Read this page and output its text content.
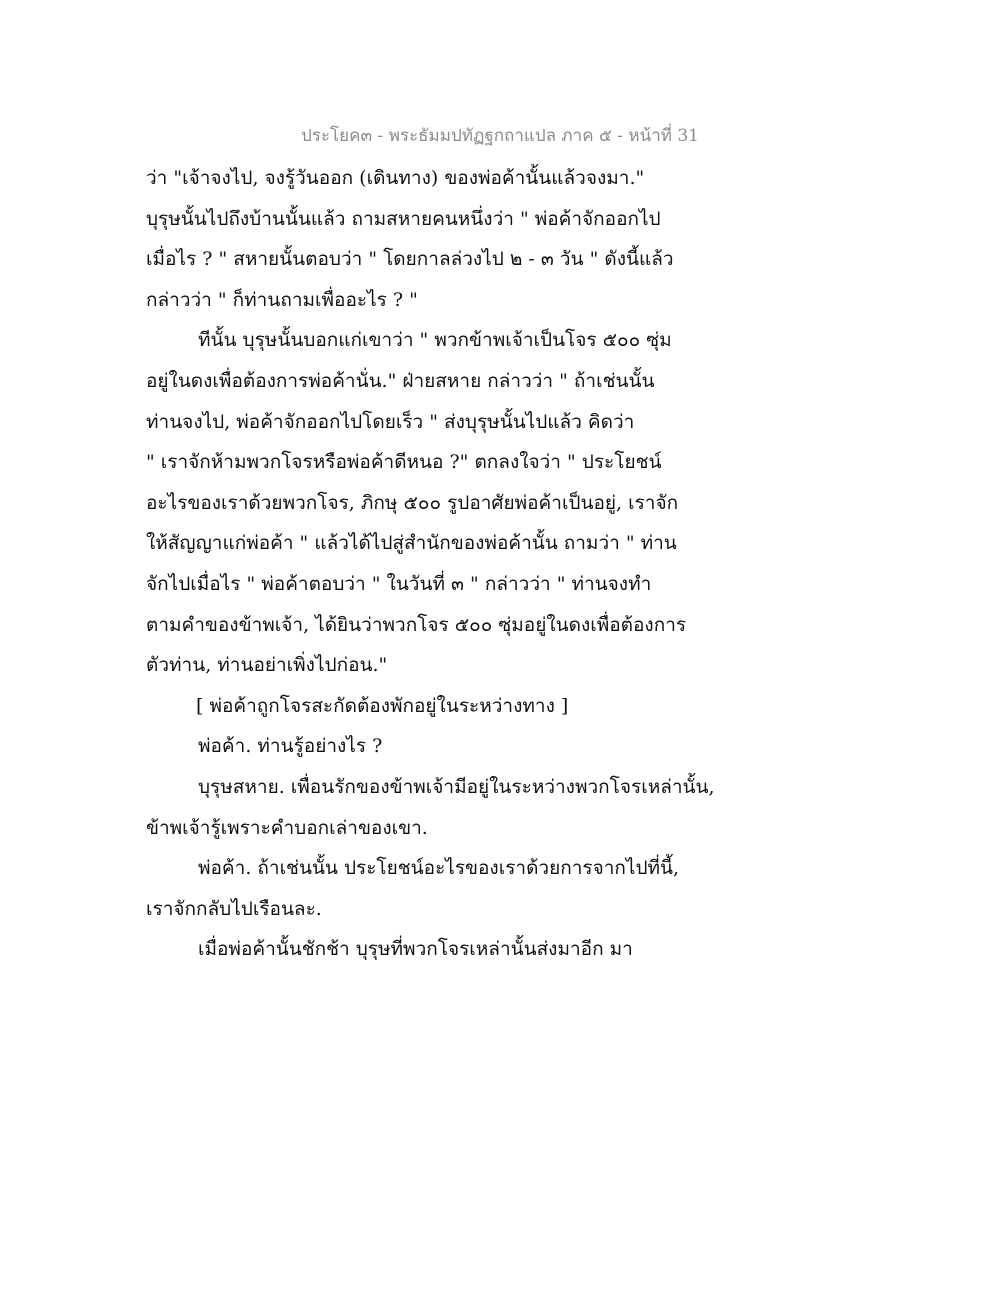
ประโยค๓ - พระธัมมปทัฏฐกถาแปล ภาค ๕ - หน้าที่ 31
ว่า "เจ้าจงไป, จงรู้วันออก (เดินทาง) ของพ่อค้านั้นแล้วจงมา."
บุรุษนั้นไปถึงบ้านนั้นแล้ว ถามสหายคนหนึ่งว่า " พ่อค้าจักออกไป
เมื่อไร ? " สหายนั้นตอบว่า " โดยกาลล่วงไป ๒ - ๓ วัน " ดังนี้แล้ว
กล่าวว่า " ก็ท่านถามเพื่ออะไร ? "
ทีนั้น บุรุษนั้นบอกแก่เขาว่า " พวกข้าพเจ้าเป็นโจร ๕๐๐ ซุ่ม
อยู่ในดงเพื่อต้องการพ่อค้านั่น." ฝ่ายสหาย กล่าวว่า " ถ้าเช่นนั้น
ท่านจงไป, พ่อค้าจักออกไปโดยเร็ว " ส่งบุรุษนั้นไปแล้ว คิดว่า
" เราจักห้ามพวกโจรหรือพ่อค้าดีหนอ ?" ตกลงใจว่า " ประโยชน์
อะไรของเราด้วยพวกโจร, ภิกษุ ๕๐๐ รูปอาศัยพ่อค้าเป็นอยู่, เราจัก
ให้สัญญาแก่พ่อค้า " แล้วได้ไปสู่สำนักของพ่อค้านั้น ถามว่า " ท่าน
จักไปเมื่อไร " พ่อค้าตอบว่า " ในวันที่ ๓ " กล่าวว่า " ท่านจงทำ
ตามคำของข้าพเจ้า, ได้ยินว่าพวกโจร ๕๐๐ ซุ่มอยู่ในดงเพื่อต้องการ
ตัวท่าน, ท่านอย่าเพิ่งไปก่อน."
[ พ่อค้าถูกโจรสะกัดต้องพักอยู่ในระหว่างทาง ]
พ่อค้า. ท่านรู้อย่างไร ?
บุรุษสหาย. เพื่อนรักของข้าพเจ้ามีอยู่ในระหว่างพวกโจรเหล่านั้น,
ข้าพเจ้ารู้เพราะคำบอกเล่าของเขา.
พ่อค้า. ถ้าเช่นนั้น ประโยชน์อะไรของเราด้วยการจากไปที่นี้,
เราจักกลับไปเรือนละ.
เมื่อพ่อค้านั้นชักช้า บุรุษที่พวกโจรเหล่านั้นส่งมาอีก มา
